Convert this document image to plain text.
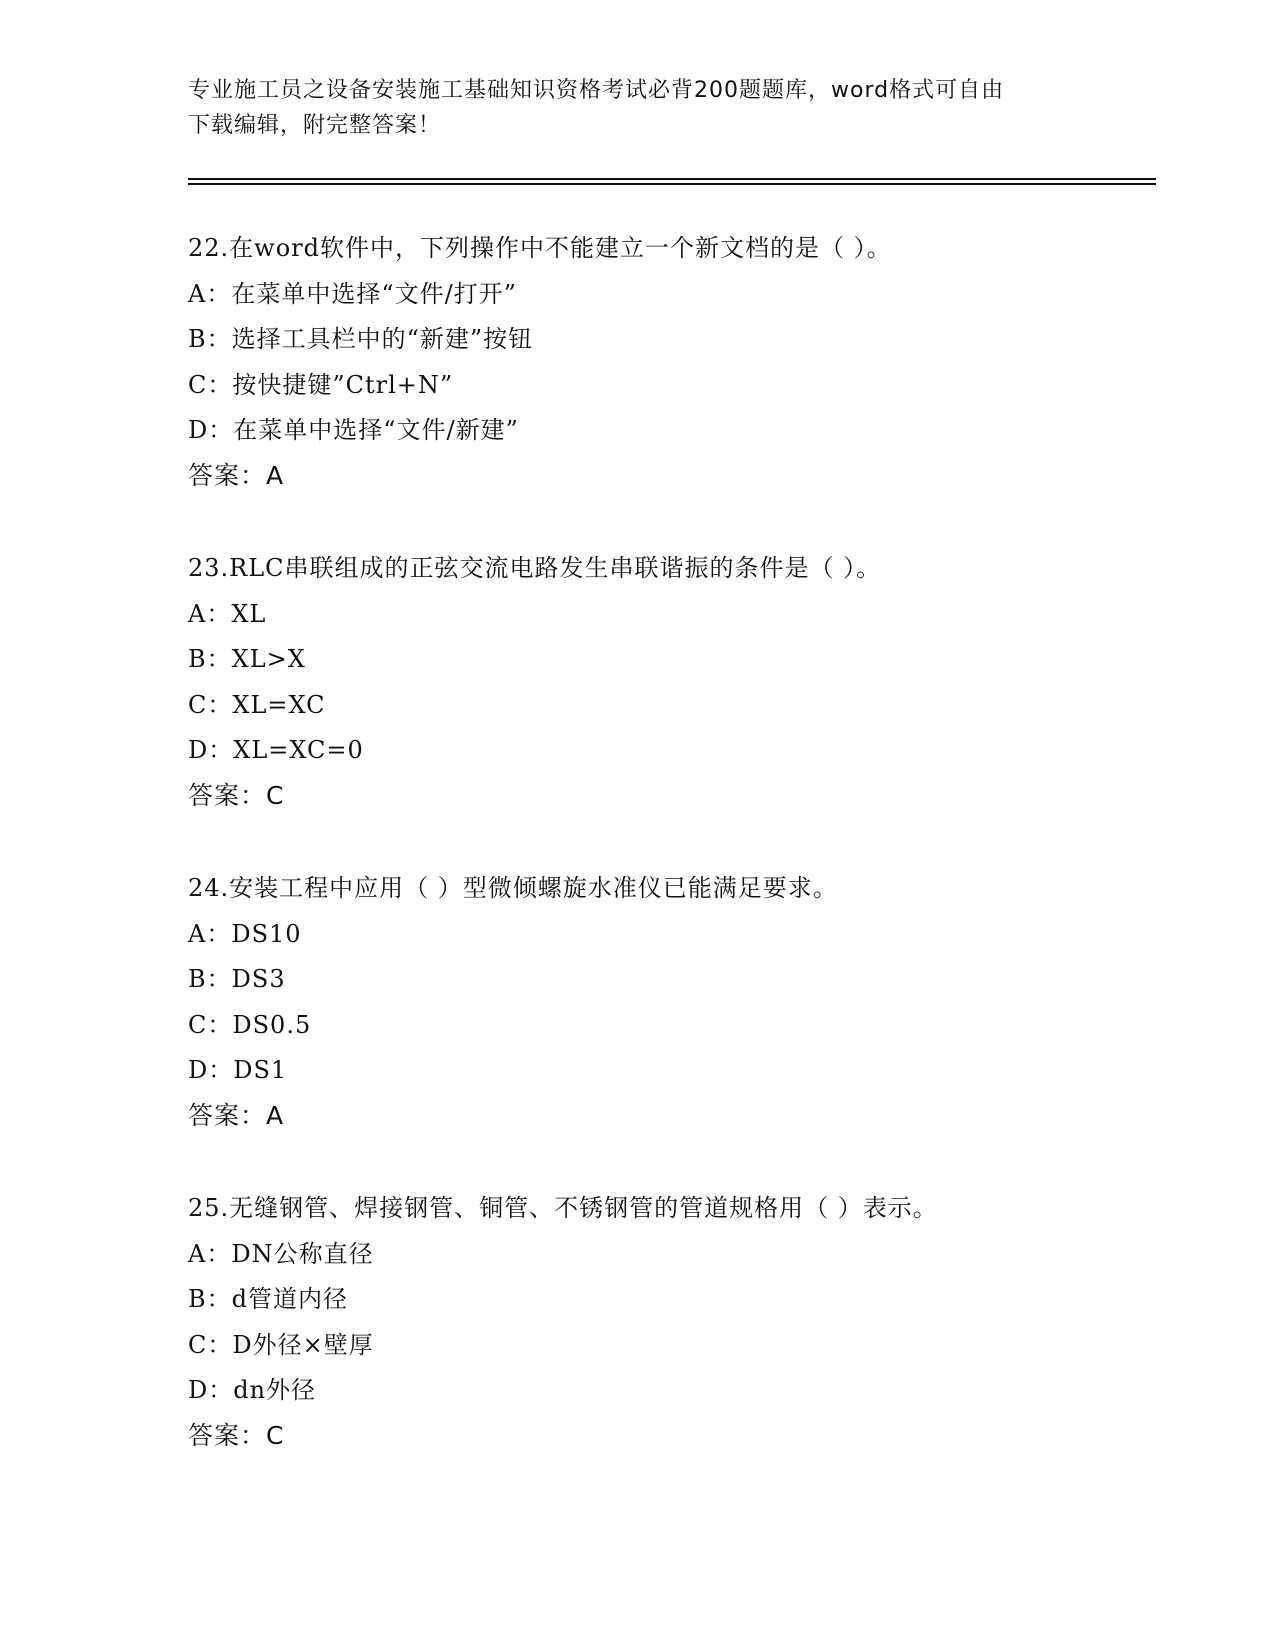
专业施工员之设备安装施工基础知识资格考试必背200题题库，word格式可自由
下载编辑，附完整答案！
22.在word软件中，下列操作中不能建立一个新文档的是（ ）。
A：在菜单中选择“文件/打开”
B：选择工具栏中的“新建”按钮
C：按快捷键”Ctrl+N”
D：在菜单中选择“文件/新建”
答案：A
23.RLC串联组成的正弦交流电路发生串联谐振的条件是（ ）。
A：XL
B：XL>X
C：XL=XC
D：XL=XC=0
答案：C
24.安装工程中应用（ ）型微倾螺旋水准仪已能满足要求。
A：DS10
B：DS3
C：DS0.5
D：DS1
答案：A
25.无缝钢管、焊接钢管、铜管、不锈钢管的管道规格用（ ）表示。
A：DN公称直径
B：d管道内径
C：D外径×壁厚
D：dn外径
答案：C
